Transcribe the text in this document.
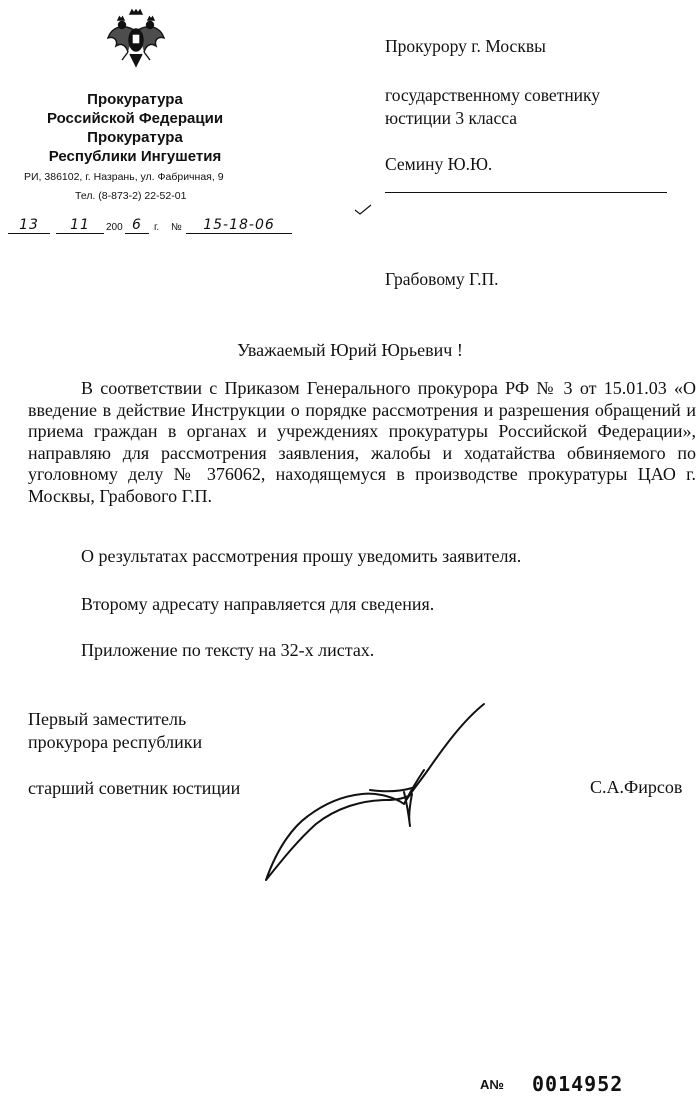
Прокуратура
Российской Федерации
Прокуратура
Республики Ингушетия
РИ, 386102, г. Назрань, ул. Фабричная, 9
Тел. (8-873-2) 22-52-01
13	11	200 6	г. №	15-18-06
Прокурору г. Москвы
государственному советнику
юстиции 3 класса
Семину Ю.Ю.
Грабовому Г.П.
Уважаемый Юрий Юрьевич !

В соответствии с Приказом Генерального прокурора РФ № 3 от 15.01.03 «О введение в действие Инструкции о порядке рассмотрения и разрешения обращений и приема граждан в органах и учреждениях прокуратуры Российской Федерации», направляю для рассмотрения заявления, жалобы и ходатайства обвиняемого по уголовному делу № 376062, находящемуся в производстве прокуратуры ЦАО г. Москвы, Грабового Г.П.

О результатах рассмотрения прошу уведомить заявителя.
Второму адресату направляется для сведения.
Приложение по тексту на 32-х листах.
Первый заместитель
прокурора республики
старший советник юстиции	С.А.Фирсов
А№ 0014952
